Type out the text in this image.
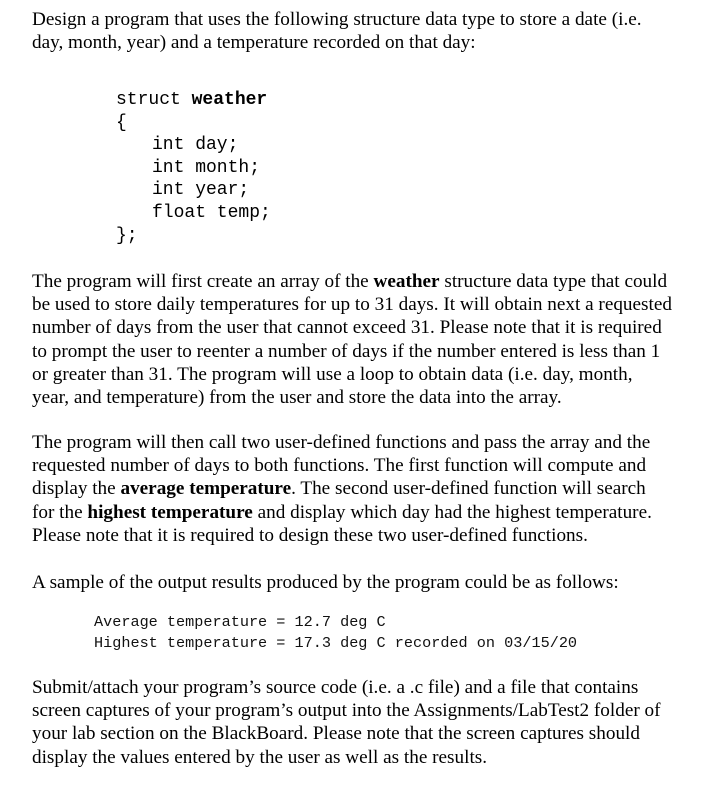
Design a program that uses the following structure data type to store a date (i.e.
day, month, year) and a temperature recorded on that day:
struct weather
{
int day;
int month;
int year;
float temp;
};
The program will first create an array of the weather structure data type that could
be used to store daily temperatures for up to 31 days. It will obtain next a requested
number of days from the user that cannot exceed 31. Please note that it is required
to prompt the user to reenter a number of days if the number entered is less than 1
or greater than 31. The program will use a loop to obtain data (i.e. day, month,
year, and temperature) from the user and store the data into the array.
The program will then call two user-defined functions and pass the array and the
requested number of days to both functions. The first function will compute and
display the average temperature. The second user-defined function will search
for the highest temperature and display which day had the highest temperature.
Please note that it is required to design these two user-defined functions.
A sample of the output results produced by the program could be as follows:
Average temperature = 12.7 deg C
Highest temperature = 17.3 deg C recorded on 03/15/20
Submit/attach your program’s source code (i.e. a .c file) and a file that contains
screen captures of your program’s output into the Assignments/LabTest2 folder of
your lab section on the BlackBoard. Please note that the screen captures should
display the values entered by the user as well as the results.
